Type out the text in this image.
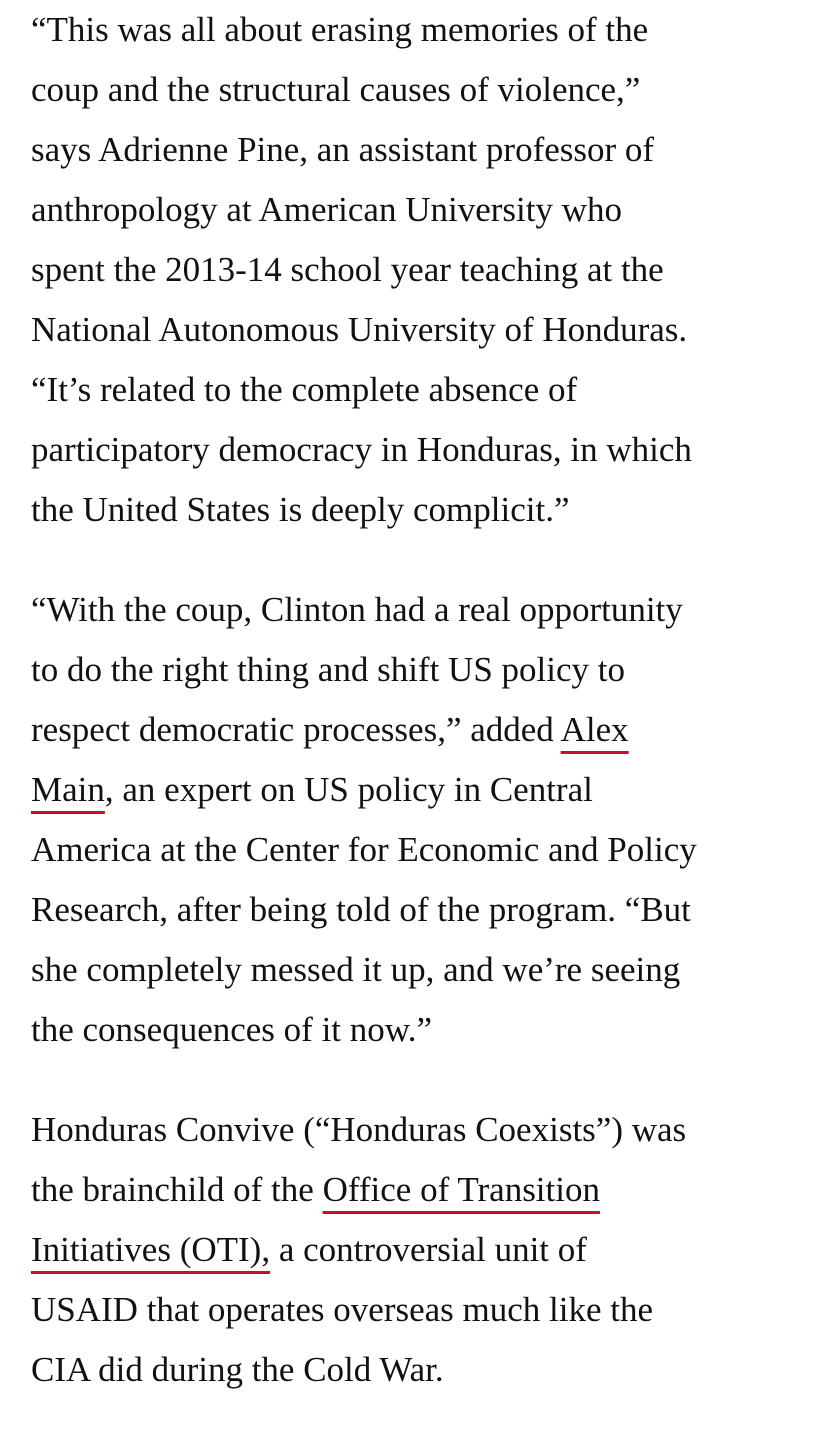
“This was all about erasing memories of the
coup and the structural causes of violence,”
says Adrienne Pine, an assistant professor of
anthropology at American University who
spent the 2013-14 school year teaching at the
National Autonomous University of Honduras.
“It’s related to the complete absence of
participatory democracy in Honduras, in which
the United States is deeply complicit.”

“With the coup, Clinton had a real opportunity
to do the right thing and shift US policy to
respect democratic processes,” added Alex
Main, an expert on US policy in Central
America at the Center for Economic and Policy
Research, after being told of the program. “But
she completely messed it up, and we’re seeing
the consequences of it now.”

Honduras Convive (“Honduras Coexists”) was
the brainchild of the Office of Transition
Initiatives (OTI), a controversial unit of
USAID that operates overseas much like the
CIA did during the Cold War.
